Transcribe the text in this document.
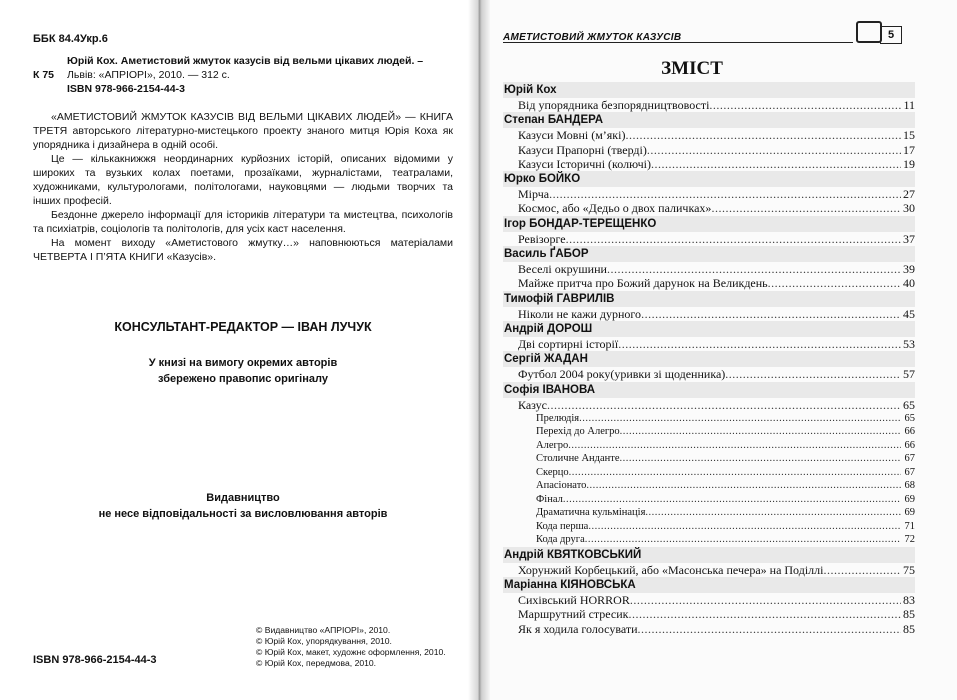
ББК 84.4Укр.6
Юрій Кох. Аметистовий жмуток казусів від вельми цікавих людей. –
К 75	Львів: «АПРІОРІ», 2010. — 312 с.
ISBN 978-966-2154-44-3

«АМЕТИСТОВИЙ ЖМУТОК КАЗУСІВ ВІД ВЕЛЬМИ ЦІКАВИХ ЛЮДЕЙ» — КНИГА ТРЕТЯ авторського літературно-мистецького проекту знаного митця Юрія Коха як упорядника і дизайнера в одній особі.

Це — кількакнижжя неординарних курйозних історій, описаних відомими у широких та вузьких колах поетами, прозаїками, журналістами, театралами, художниками, культурологами, політологами, науковцями — людьми творчих та інших професій.

Бездонне джерело інформації для істориків літератури та мистецтва, психологів та психіатрів, соціологів та політологів, для усіх каст населення.

На момент виходу «Аметистового жмутку…» наповнюються матеріалами ЧЕТВЕРТА І П’ЯТА КНИГИ «Казусів».

КОНСУЛЬТАНТ-РЕДАКТОР — ІВАН ЛУЧУК
У книзі на вимогу окремих авторів
збережено правопис оригіналу
Видавництво
не несе відповідальності за висловлювання авторів
ISBN 978-966-2154-44-3
© Видавництво «АПРІОРІ», 2010.
© Юрій Кох, упорядкування, 2010.
© Юрій Кох, макет, художнє оформлення, 2010.
© Юрій Кох, передмова, 2010.
АМЕТИСТОВИЙ ЖМУТОК КАЗУСІВ	5
ЗМІСТ
Юрій Кох
Від упорядника безпорядництвовості .....	11
Степан БАНДЕРА
Казуси Мовні (м’які) .....	15
Казуси Прапорні (тверді) .....	17
Казуси Історичні (колючі) .....	19
Юрко БОЙКО
Мірча .....	27
Космос, або «Дедьо о двох паличках» .....	30
Ігор БОНДАР-ТЕРЕЩЕНКО
Ревізорге .....	37
Василь ҐАБОР
Веселі окрушини .....	39
Майже притча про Божий дарунок на Великдень .....	40
Тимофій ГАВРИЛІВ
Ніколи не кажи дурного .....	45
Андрій ДОРОШ
Дві сортирні історії .....	53
Сергій ЖАДАН
Футбол 2004 року(уривки зі щоденника) .....	57
Софія ІВАНОВА
Казус .....	65
Прелюдія .....	65
Перехід до Алегро .....	66
Алегро .....	66
Столичне Анданте .....	67
Скерцо .....	67
Апасіонато .....	68
Фінал .....	69
Драматична кульмінація .....	69
Кода перша .....	71
Кода друга .....	72
Андрій КВЯТКОВСЬКИЙ
Хорунжий Корбецький, або «Масонська печера» на Поділлі .....	75
Маріанна КІЯНОВСЬКА
Сихівський HORROR .....	83
Маршрутний стресик .....	85
Як я ходила голосувати .....	85
